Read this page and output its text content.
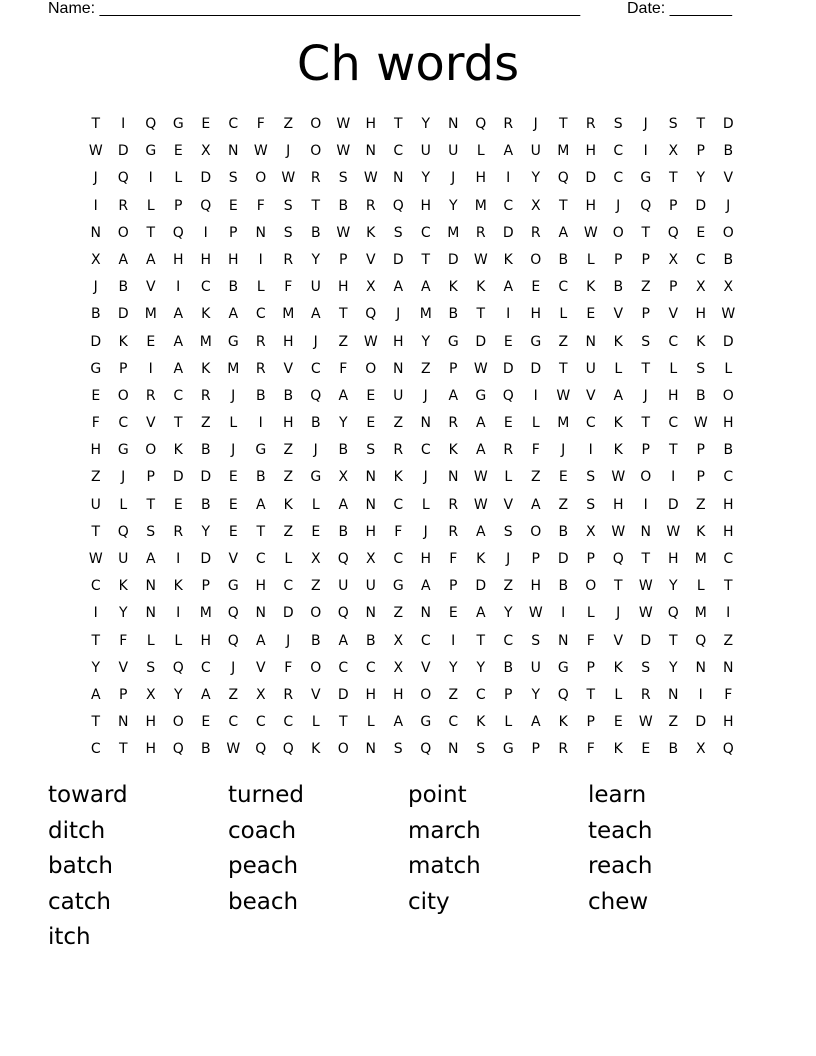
Name: ______________________________________________________	Date: _______
Ch words
T	I	Q	G	E	C	F	Z	O	W	H	T	Y	N	Q	R	J	T	R	S	J	S	T	D
W	D	G	E	X	N	W	J	O	W	N	C	U	U	L	A	U	M	H	C	I	X	P	B
J	Q	I	L	D	S	O	W	R	S	W	N	Y	J	H	I	Y	Q	D	C	G	T	Y	V
I	R	L	P	Q	E	F	S	T	B	R	Q	H	Y	M	C	X	T	H	J	Q	P	D	J
N	O	T	Q	I	P	N	S	B	W	K	S	C	M	R	D	R	A	W	O	T	Q	E	O
X	A	A	H	H	H	I	R	Y	P	V	D	T	D	W	K	O	B	L	P	P	X	C	B
J	B	V	I	C	B	L	F	U	H	X	A	A	K	K	A	E	C	K	B	Z	P	X	X
B	D	M	A	K	A	C	M	A	T	Q	J	M	B	T	I	H	L	E	V	P	V	H	W
D	K	E	A	M	G	R	H	J	Z	W	H	Y	G	D	E	G	Z	N	K	S	C	K	D
G	P	I	A	K	M	R	V	C	F	O	N	Z	P	W	D	D	T	U	L	T	L	S	L
E	O	R	C	R	J	B	B	Q	A	E	U	J	A	G	Q	I	W	V	A	J	H	B	O
F	C	V	T	Z	L	I	H	B	Y	E	Z	N	R	A	E	L	M	C	K	T	C	W	H
H	G	O	K	B	J	G	Z	J	B	S	R	C	K	A	R	F	J	I	K	P	T	P	B
Z	J	P	D	D	E	B	Z	G	X	N	K	J	N	W	L	Z	E	S	W	O	I	P	C
U	L	T	E	B	E	A	K	L	A	N	C	L	R	W	V	A	Z	S	H	I	D	Z	H
T	Q	S	R	Y	E	T	Z	E	B	H	F	J	R	A	S	O	B	X	W	N	W	K	H
W	U	A	I	D	V	C	L	X	Q	X	C	H	F	K	J	P	D	P	Q	T	H	M	C
C	K	N	K	P	G	H	C	Z	U	U	G	A	P	D	Z	H	B	O	T	W	Y	L	T
I	Y	N	I	M	Q	N	D	O	Q	N	Z	N	E	A	Y	W	I	L	J	W	Q	M	I
T	F	L	L	H	Q	A	J	B	A	B	X	C	I	T	C	S	N	F	V	D	T	Q	Z
Y	V	S	Q	C	J	V	F	O	C	C	X	V	Y	Y	B	U	G	P	K	S	Y	N	N
A	P	X	Y	A	Z	X	R	V	D	H	H	O	Z	C	P	Y	Q	T	L	R	N	I	F
T	N	H	O	E	C	C	C	L	T	L	A	G	C	K	L	A	K	P	E	W	Z	D	H
C	T	H	Q	B	W	Q	Q	K	O	N	S	Q	N	S	G	P	R	F	K	E	B	X	Q
toward	turned	point	learn
ditch	coach	march	teach
batch	peach	match	reach
catch	beach	city	chew
itch
